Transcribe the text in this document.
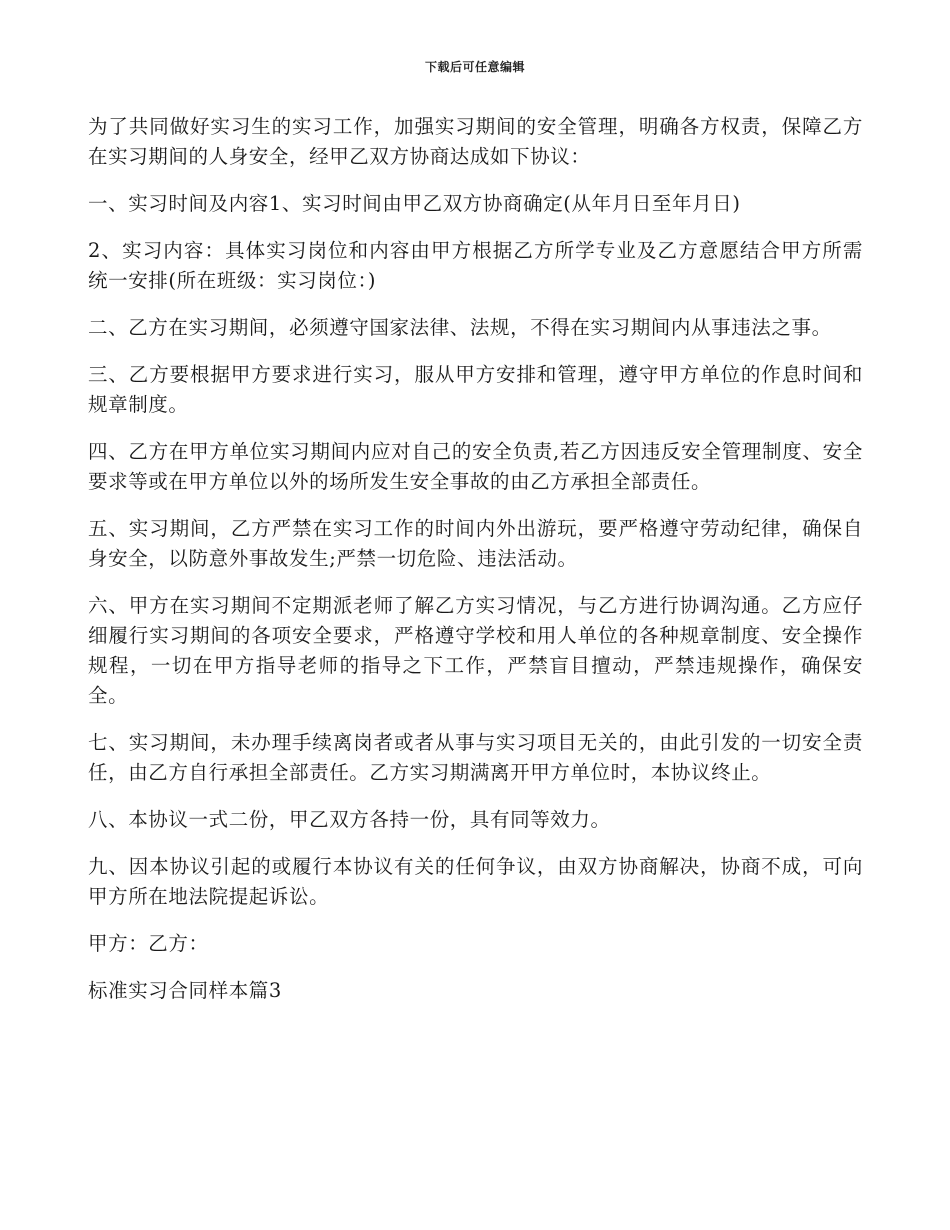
下载后可任意编辑

为了共同做好实习生的实习工作，加强实习期间的安全管理，明确各方权责，保障乙方在实习期间的人身安全，经甲乙双方协商达成如下协议：

一、实习时间及内容1、实习时间由甲乙双方协商确定(从年月日至年月日)

2、实习内容：具体实习岗位和内容由甲方根据乙方所学专业及乙方意愿结合甲方所需统一安排(所在班级：实习岗位：)

二、乙方在实习期间，必须遵守国家法律、法规，不得在实习期间内从事违法之事。

三、乙方要根据甲方要求进行实习，服从甲方安排和管理，遵守甲方单位的作息时间和规章制度。

四、乙方在甲方单位实习期间内应对自己的安全负责,若乙方因违反安全管理制度、安全要求等或在甲方单位以外的场所发生安全事故的由乙方承担全部责任。

五、实习期间，乙方严禁在实习工作的时间内外出游玩，要严格遵守劳动纪律，确保自身安全，以防意外事故发生;严禁一切危险、违法活动。

六、甲方在实习期间不定期派老师了解乙方实习情况，与乙方进行协调沟通。乙方应仔细履行实习期间的各项安全要求，严格遵守学校和用人单位的各种规章制度、安全操作规程，一切在甲方指导老师的指导之下工作，严禁盲目擅动，严禁违规操作，确保安全。

七、实习期间，未办理手续离岗者或者从事与实习项目无关的，由此引发的一切安全责任，由乙方自行承担全部责任。乙方实习期满离开甲方单位时，本协议终止。

八、本协议一式二份，甲乙双方各持一份，具有同等效力。

九、因本协议引起的或履行本协议有关的任何争议，由双方协商解决，协商不成，可向甲方所在地法院提起诉讼。

甲方：乙方：

标准实习合同样本篇3
